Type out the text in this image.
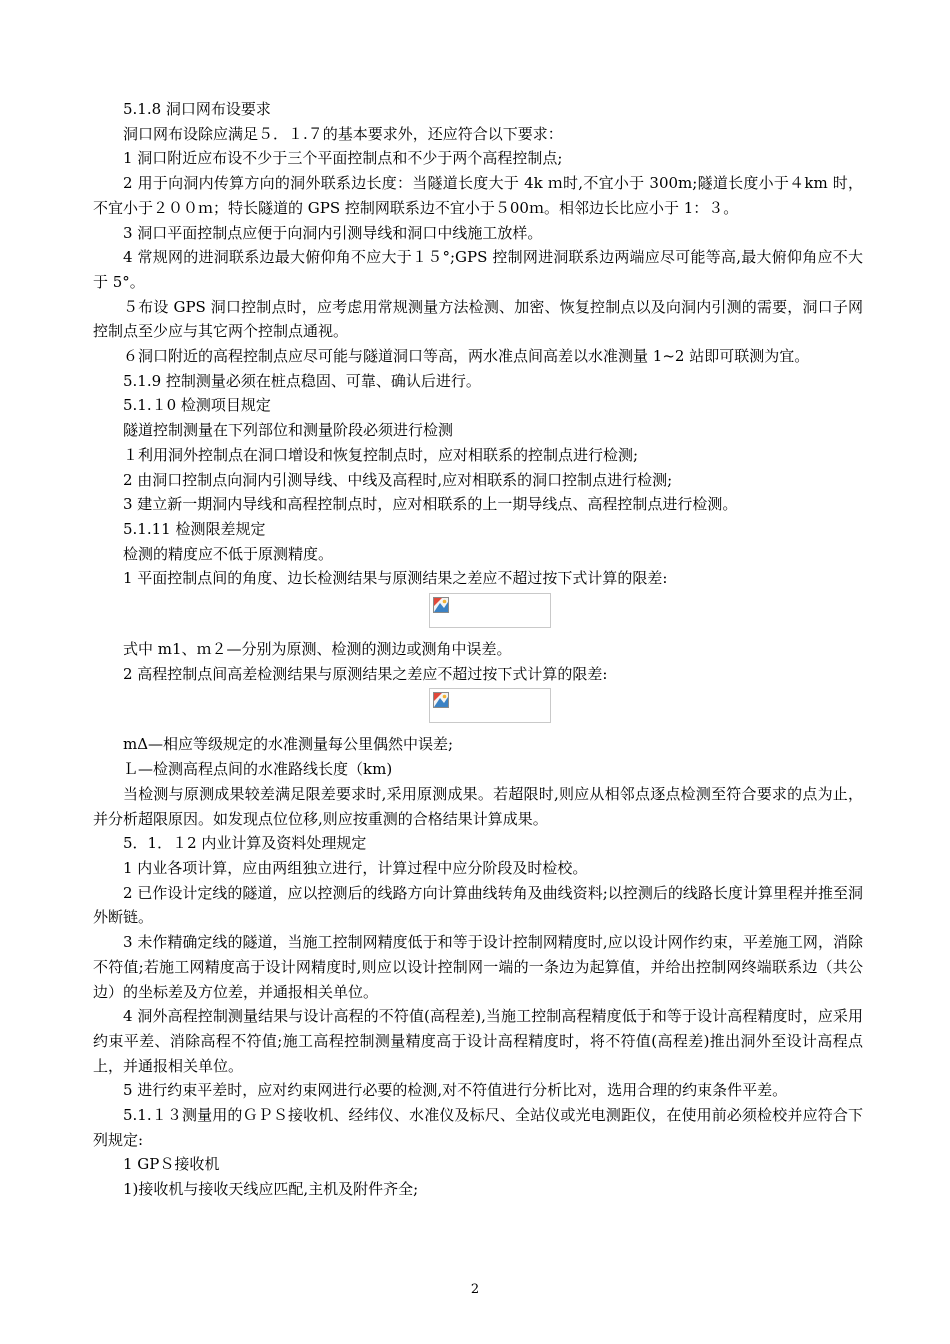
5.1.8 洞口网布设要求
洞口网布设除应满足５．１.７的基本要求外，还应符合以下要求：
1 洞口附近应布设不少于三个平面控制点和不少于两个高程控制点;
2 用于向洞内传算方向的洞外联系边长度：当隧道长度大于 4k ｍ时,不宜小于 300m;隧道长度小于４km 时，不宜小于２００ｍ；特长隧道的 GPS 控制网联系边不宜小于５00ｍ。相邻边长比应小于 1：３。
3 洞口平面控制点应便于向洞内引测导线和洞口中线施工放样。
4 常规网的进洞联系边最大俯仰角不应大于１５°;GPS 控制网进洞联系边两端应尽可能等高,最大俯仰角应不大于 5°。
５布设 GPS 洞口控制点时，应考虑用常规测量方法检测、加密、恢复控制点以及向洞内引测的需要，洞口子网控制点至少应与其它两个控制点通视。
６洞口附近的高程控制点应尽可能与隧道洞口等高，两水准点间高差以水准测量 1~2 站即可联测为宜。
5.1.9 控制测量必须在桩点稳固、可靠、确认后进行。
5.1.１0 检测项目规定
隧道控制测量在下列部位和测量阶段必须进行检测
１利用洞外控制点在洞口增设和恢复控制点时，应对相联系的控制点进行检测;
2 由洞口控制点向洞内引测导线、中线及高程时,应对相联系的洞口控制点进行检测;
3 建立新一期洞内导线和高程控制点时，应对相联系的上一期导线点、高程控制点进行检测。
5.1.11 检测限差规定
检测的精度应不低于原测精度。
1 平面控制点间的角度、边长检测结果与原测结果之差应不超过按下式计算的限差:
式中 m1、ｍ２—分别为原测、检测的测边或测角中误差。
2 高程控制点间高差检测结果与原测结果之差应不超过按下式计算的限差:
mΔ—相应等级规定的水准测量每公里偶然中误差;
Ｌ—检测高程点间的水准路线长度（km)
当检测与原测成果较差满足限差要求时,采用原测成果。若超限时,则应从相邻点逐点检测至符合要求的点为止，并分析超限原因。如发现点位位移,则应按重测的合格结果计算成果。
5．1．１2 内业计算及资料处理规定
1 内业各项计算，应由两组独立进行，计算过程中应分阶段及时检校。
2 已作设计定线的隧道，应以控测后的线路方向计算曲线转角及曲线资料;以控测后的线路长度计算里程并推至洞外断链。
3 未作精确定线的隧道，当施工控制网精度低于和等于设计控制网精度时,应以设计网作约束，平差施工网，消除不符值;若施工网精度高于设计网精度时,则应以设计控制网一端的一条边为起算值，并给出控制网终端联系边（共公边）的坐标差及方位差，并通报相关单位。
4 洞外高程控制测量结果与设计高程的不符值(高程差),当施工控制高程精度低于和等于设计高程精度时，应采用约束平差、消除高程不符值;施工高程控制测量精度高于设计高程精度时，将不符值(高程差)推出洞外至设计高程点上，并通报相关单位。
5 进行约束平差时，应对约束网进行必要的检测,对不符值进行分析比对，选用合理的约束条件平差。
5.1.１３测量用的ＧＰＳ接收机、经纬仪、水准仪及标尺、全站仪或光电测距仪，在使用前必须检校并应符合下列规定:
1 GPＳ接收机
1)接收机与接收天线应匹配,主机及附件齐全;
2
